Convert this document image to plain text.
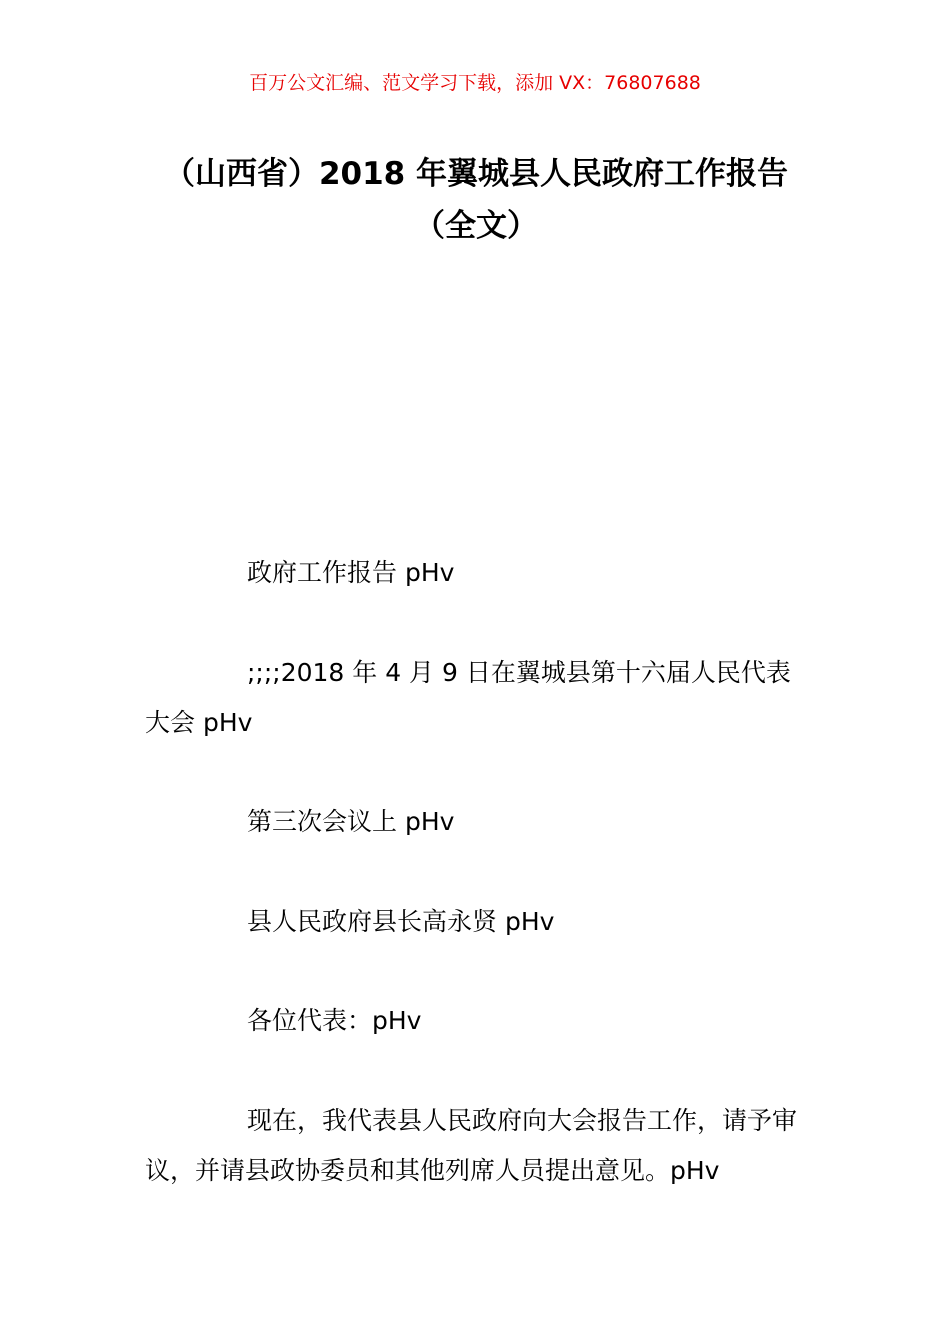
百万公文汇编、范文学习下载，添加 VX：76807688
（山西省）2018 年翼城县人民政府工作报告（全文）

政府工作报告 pHv

;;;;2018 年 4 月 9 日在翼城县第十六届人民代表大会 pHv

第三次会议上 pHv

县人民政府县长高永贤 pHv

各位代表：pHv

现在，我代表县人民政府向大会报告工作，请予审议，并请县政协委员和其他列席人员提出意见。pHv
